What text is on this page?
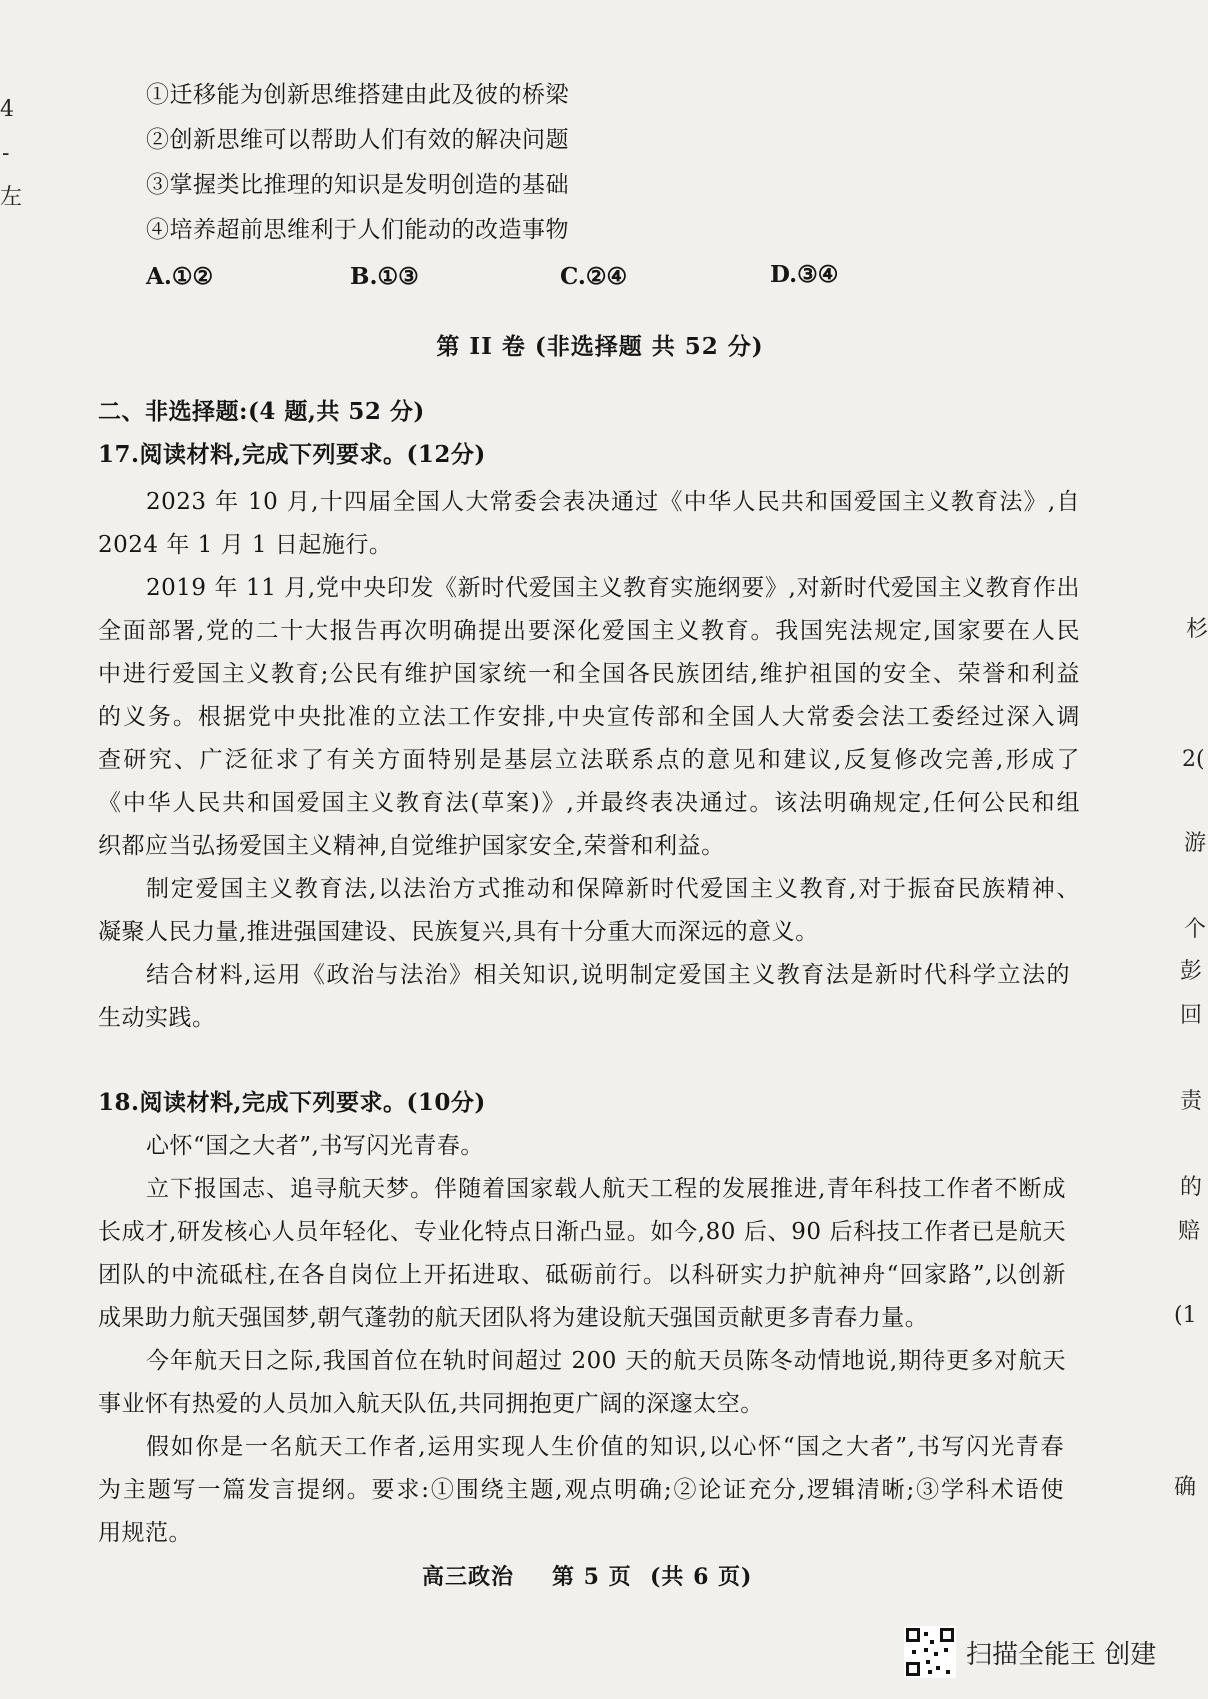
4
-
左
①迁移能为创新思维搭建由此及彼的桥梁
②创新思维可以帮助人们有效的解决问题
③掌握类比推理的知识是发明创造的基础
④培养超前思维利于人们能动的改造事物
A.①②	B.①③	C.②④	D.③④
第 II 卷 (非选择题 共 52 分)
二、非选择题:(4 题,共 52 分)
17.阅读材料,完成下列要求。(12分)
2023 年 10 月,十四届全国人大常委会表决通过《中华人民共和国爱国主义教育法》,自
2024 年 1 月 1 日起施行。
2019 年 11 月,党中央印发《新时代爱国主义教育实施纲要》,对新时代爱国主义教育作出
全面部署,党的二十大报告再次明确提出要深化爱国主义教育。我国宪法规定,国家要在人民
中进行爱国主义教育;公民有维护国家统一和全国各民族团结,维护祖国的安全、荣誉和利益
的义务。根据党中央批准的立法工作安排,中央宣传部和全国人大常委会法工委经过深入调
查研究、广泛征求了有关方面特别是基层立法联系点的意见和建议,反复修改完善,形成了
《中华人民共和国爱国主义教育法(草案)》,并最终表决通过。该法明确规定,任何公民和组
织都应当弘扬爱国主义精神,自觉维护国家安全,荣誉和利益。
制定爱国主义教育法,以法治方式推动和保障新时代爱国主义教育,对于振奋民族精神、
凝聚人民力量,推进强国建设、民族复兴,具有十分重大而深远的意义。
结合材料,运用《政治与法治》相关知识,说明制定爱国主义教育法是新时代科学立法的
生动实践。
18.阅读材料,完成下列要求。(10分)
心怀“国之大者”,书写闪光青春。
立下报国志、追寻航天梦。伴随着国家载人航天工程的发展推进,青年科技工作者不断成
长成才,研发核心人员年轻化、专业化特点日渐凸显。如今,80 后、90 后科技工作者已是航天
团队的中流砥柱,在各自岗位上开拓进取、砥砺前行。以科研实力护航神舟“回家路”,以创新
成果助力航天强国梦,朝气蓬勃的航天团队将为建设航天强国贡献更多青春力量。
今年航天日之际,我国首位在轨时间超过 200 天的航天员陈冬动情地说,期待更多对航天
事业怀有热爱的人员加入航天队伍,共同拥抱更广阔的深邃太空。
假如你是一名航天工作者,运用实现人生价值的知识,以心怀“国之大者”,书写闪光青春
为主题写一篇发言提纲。要求:①围绕主题,观点明确;②论证充分,逻辑清晰;③学科术语使
用规范。
高三政治 第 5 页 (共 6 页)
杉
2(
游
个
彭
回
责
的
赔
(1
确
扫描全能王 创建
